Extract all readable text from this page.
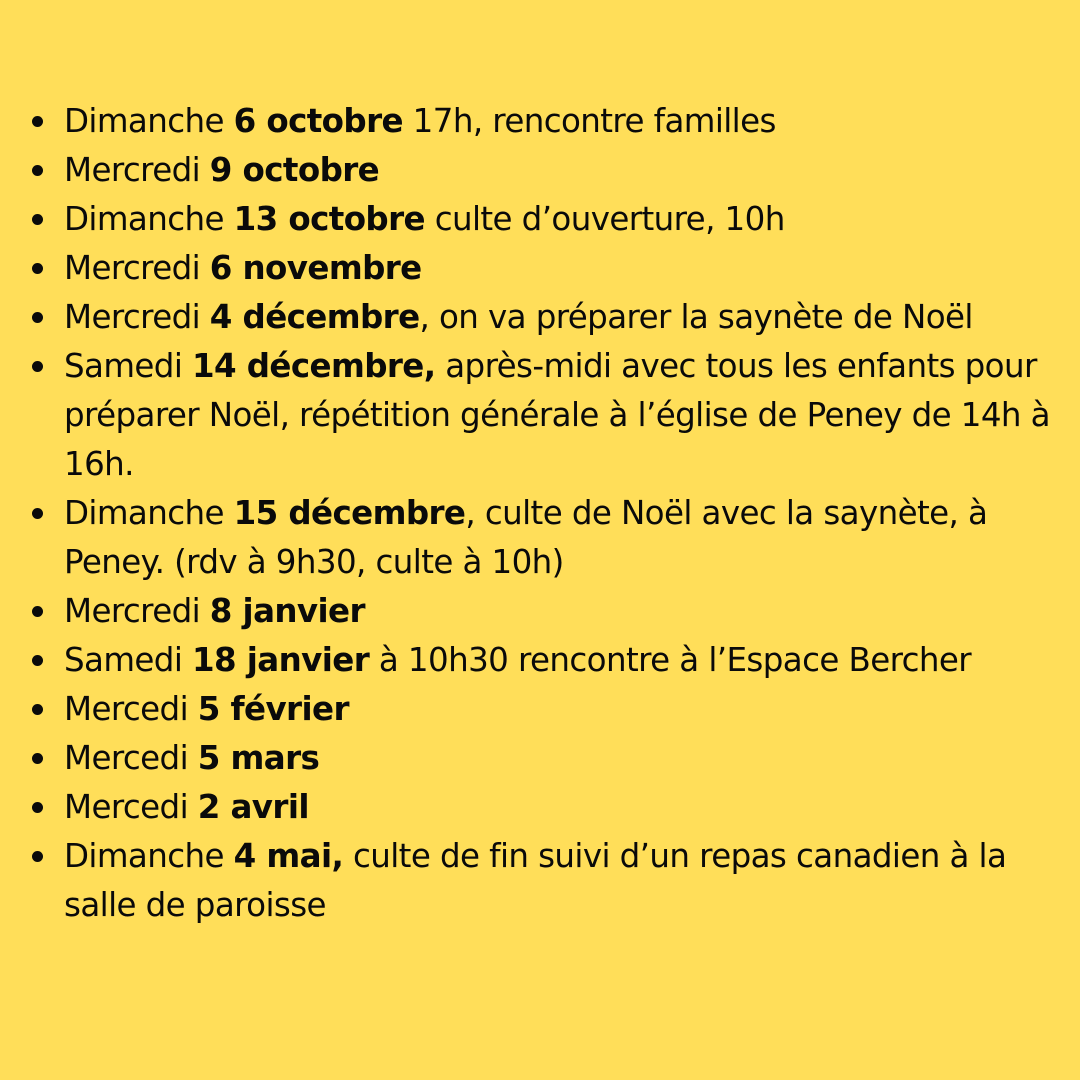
Dimanche 6 octobre 17h, rencontre familles
Mercredi 9 octobre
Dimanche 13 octobre culte d’ouverture, 10h
Mercredi 6 novembre
Mercredi 4 décembre, on va préparer la saynète de Noël
Samedi 14 décembre, après-midi avec tous les enfants pour préparer Noël, répétition générale à l’église de Peney de 14h à 16h.
Dimanche 15 décembre, culte de Noël avec la saynète, à Peney. (rdv à 9h30, culte à 10h)
Mercredi 8 janvier
Samedi 18 janvier à 10h30 rencontre à l’Espace Bercher
Mercedi 5 février
Mercedi 5 mars
Mercedi 2 avril
Dimanche 4 mai, culte de fin suivi d’un repas canadien à la salle de paroisse
